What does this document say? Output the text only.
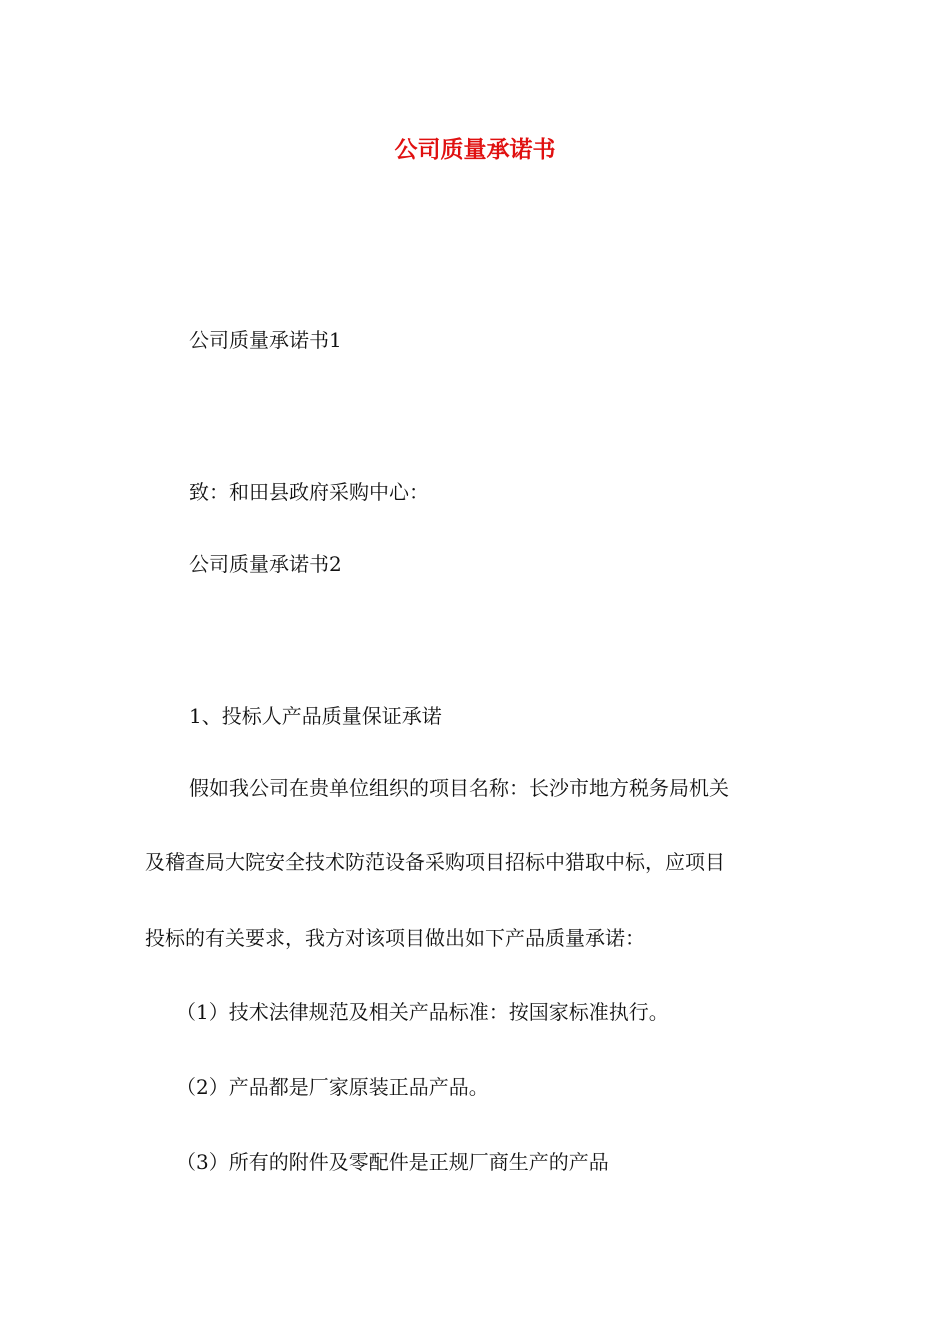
公司质量承诺书
公司质量承诺书1
致：和田县政府采购中心：
公司质量承诺书2
1、投标人产品质量保证承诺
假如我公司在贵单位组织的项目名称：长沙市地方税务局机关
及稽查局大院安全技术防范设备采购项目招标中猎取中标，应项目
投标的有关要求，我方对该项目做出如下产品质量承诺：
（1）技术法律规范及相关产品标准：按国家标准执行。
（2）产品都是厂家原装正品产品。
（3）所有的附件及零配件是正规厂商生产的产品
